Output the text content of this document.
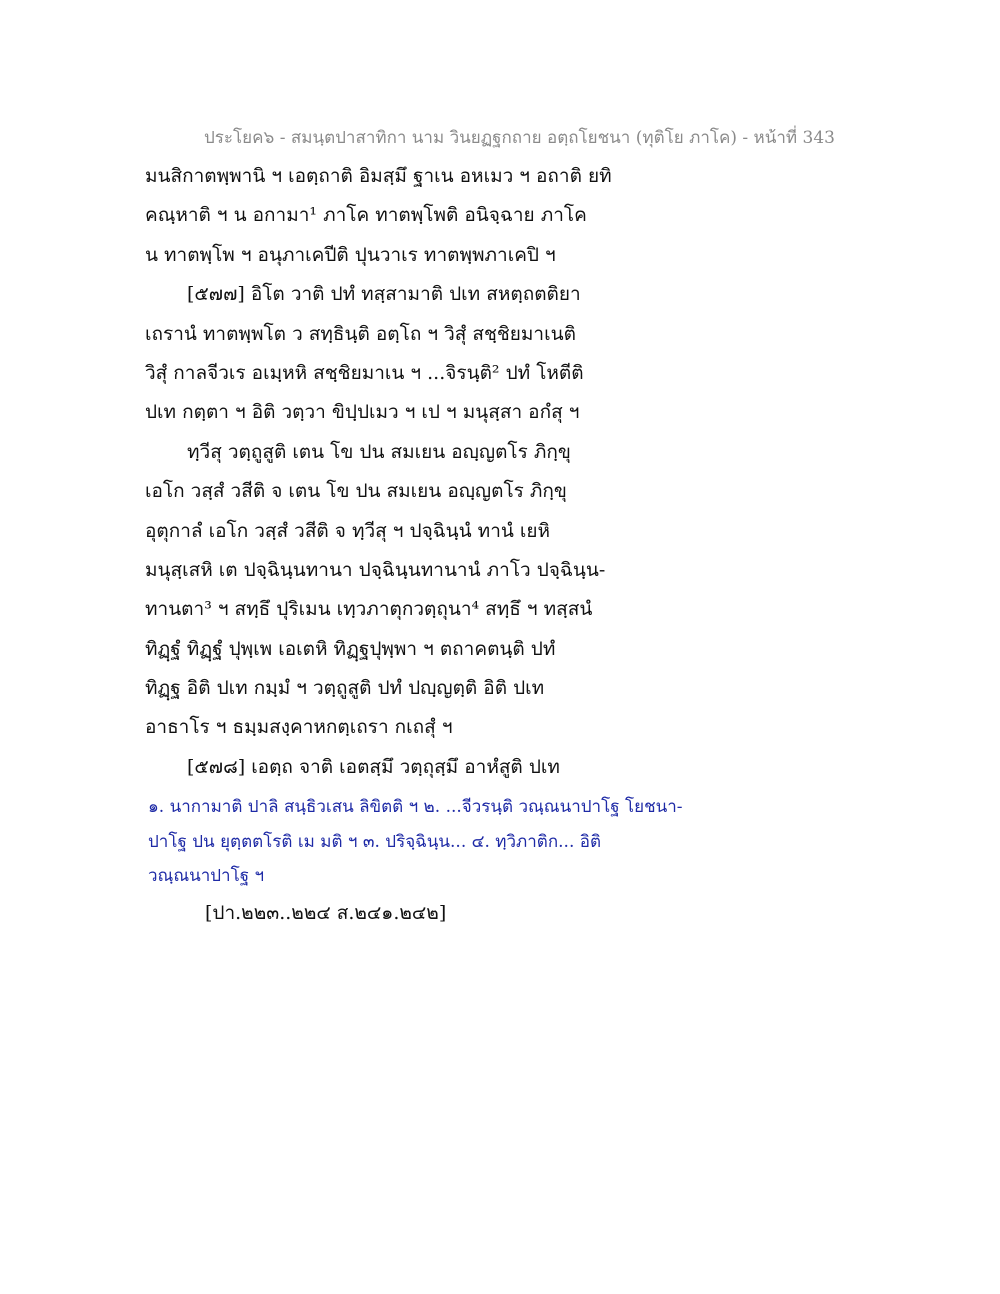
ประโยค๖ - สมนฺตปาสาทิกา นาม วินยฏฐกถาย อตฺถโยชนา (ทุติโย ภาโค) - หน้าที่ 343
มนสิกาตพฺพานิ ฯ เอตฺถาติ อิมสฺมึ ฐาเน อหเมว ฯ อถาติ ยทิ
คณฺหาติ ฯ น อกามา¹ ภาโค ทาตพฺโพติ อนิจฺฉาย ภาโค
น ทาตพฺโพ ฯ อนุภาเคปีติ ปุนวาเร ทาตพฺพภาเคปิ ฯ
[๕๗๗] อิโต วาติ ปทํ ทสฺสามาติ ปเท สหตฺถตติยา
เถรานํ ทาตพฺพโต ว สทฺธินฺติ อตฺโถ ฯ วิสุํ สชฺชิยมาเนติ
วิสุํ กาลจีวเร อเมฺหหิ สชฺชิยมาเน ฯ ...จิรนฺติ² ปทํ โหตีติ
ปเท กตฺตา ฯ อิติ วตฺวา ขิปฺปเมว ฯ เป ฯ มนุสฺสา อกํสุ ฯ
ทฺวีสุ วตฺถูสูติ เตน โข ปน สมเยน อญฺญตโร ภิกฺขุ
เอโก วสฺสํ วสีติ จ เตน โข ปน สมเยน อญฺญตโร ภิกฺขุ
อุตุกาลํ เอโก วสฺสํ วสีติ จ ทฺวีสุ ฯ ปจฺฉินฺนํ ทานํ เยหิ
มนุสฺเสหิ เต ปจฺฉินฺนทานา ปจฺฉินฺนทานานํ ภาโว ปจฺฉินฺน-
ทานตา³ ฯ สทฺธึ ปุริเมน เทฺวภาตุกวตฺถุนา⁴ สทฺธึ ฯ ทสฺสนํ
ทิฏฺฐํ ทิฏฺฐํ ปุพฺเพ เอเตหิ ทิฏฺฐปุพฺพา ฯ ตถาคตนฺติ ปทํ
ทิฏฺฐ อิติ ปเท กมฺมํ ฯ วตฺถูสูติ ปทํ ปญฺญตฺติ อิติ ปเท
อาธาโร ฯ ธมฺมสงฺคาหกตฺเถรา กเถสุํ ฯ
[๕๗๘] เอตฺถ จาติ เอตสฺมึ วตฺถุสฺมึ อาหํสูติ ปเท
๑. นากามาติ ปาลิ สนฺธิวเสน ลิขิตติ ฯ ๒. ...จีวรนฺติ วณฺณนาปาโฐ โยชนา-
ปาโฐ ปน ยุตฺตตโรติ เม มติ ฯ ๓. ปริจฺฉินฺน... ๔. ทฺวิภาติก... อิติ
วณฺณนาปาโฐ ฯ
[ปา.๒๒๓..๒๒๔ ส.๒๔๑.๒๔๒]
